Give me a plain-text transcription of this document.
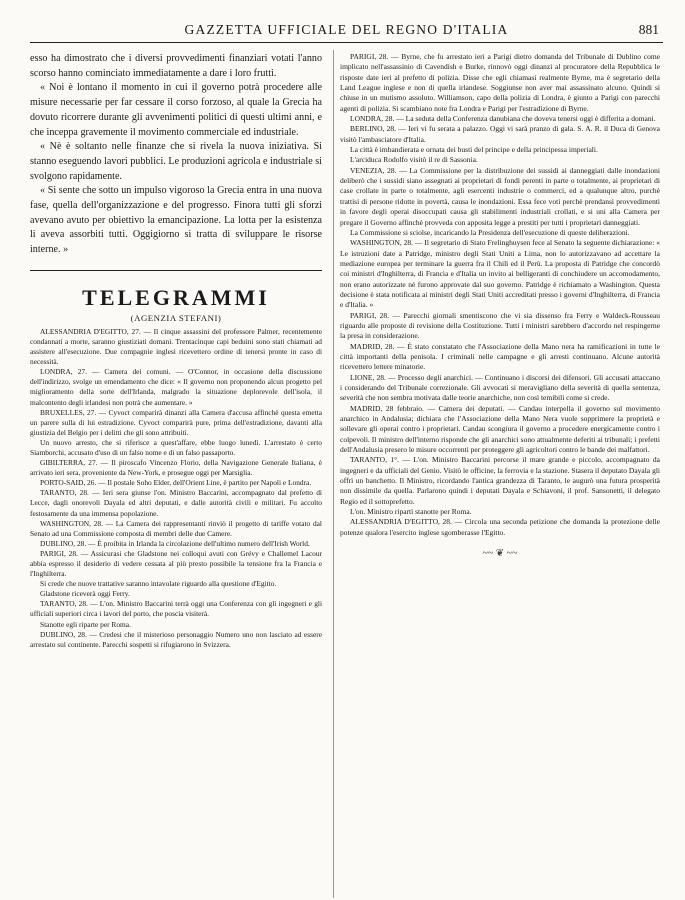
GAZZETTA UFFICIALE DEL REGNO D'ITALIA	881

esso ha dimostrato che i diversi provvedimenti finanziari votati l'anno scorso hanno cominciato immediatamente a dare i loro frutti.

« Noi è lontano il momento in cui il governo potrà procedere alle misure necessarie per far cessare il corso forzoso, al quale la Grecia ha dovuto ricorrere durante gli avvenimenti politici di questi ultimi anni, e che inceppa gravemente il movimento commerciale ed industriale.

« Nè è soltanto nelle finanze che si rivela la nuova iniziativa. Si stanno eseguendo lavori pubblici. Le produzioni agricola e industriale si svolgono rapidamente.

« Si sente che sotto un impulso vigoroso la Grecia entra in una nuova fase, quella dell'organizzazione e del progresso. Finora tutti gli sforzi avevano avuto per obiettivo la emancipazione. La lotta per la esistenza li aveva assorbiti tutti. Oggigiorno si tratta di sviluppare le risorse interne. »

TELEGRAMMI
(AGENZIA STEFANI)

ALESSANDRIA D'EGITTO, 27. — Il cinque assassini del professore Palmer, recentemente condannati a morte, saranno giustiziati domani. Trentacinque capi beduini sono stati chiamati ad assistere all'esecuzione. Due compagnie inglesi ricevettero ordine di tenersi pronte in caso di necessità.

LONDRA, 27. — Camera dei comuni. — O'Connor, in occasione della discussione dell'indirizzo, svolge un emendamento che dice: « Il governo non proponendo alcun progetto pel miglioramento della sorte dell'Irlanda, malgrado la situazione deplorevole dell'isola, il malcontento degli irlandesi non potrà che aumentare. »

BRUXELLES, 27. — Cyvoct comparirà dinanzi alla Camera d'accusa affinchè questa emetta un parere sulla di lui estradizione. Cyvoct comparirà pure, prima dell'estradizione, davanti alla giustizia del Belgio per i delitti che gli sono attribuiti.

Un nuovo arresto, che si riferisce a quest'affare, ebbe luogo lunedì. L'arrestato è certo Siamborchi, accusato d'uso di un falso nome e di un falso passaporto.

GIBILTERRA, 27. — Il piroscafo Vincenzo Florio, della Navigazione Generale Italiana, è arrivato ieri sera, proveniente da New-York, e prosegue oggi per Marsiglia.

PORTO-SAID, 26. — Il postale Soho Elder, dell'Orient Line, è partito per Napoli e Londra.

TARANTO, 28. — Ieri sera giunse l'on. Ministro Baccarini, accompagnato dal prefetto di Lecce, dagli onorevoli Dayala ed altri deputati, e dalle autorità civili e militari. Fu accolto festosamente da una immensa popolazione.

WASHINGTON, 28. — La Camera dei rappresentanti rinviò il progetto di tariffe votato dal Senato ad una Commissione composta di membri delle due Camere.

DUBLINO, 28. — È proibita in Irlanda la circolazione dell'ultimo numero dell'Irish World.

PARIGI, 28. — Assicurasi che Gladstone nei colloqui avuti con Grévy e Challemel Lacour abbia espresso il desiderio di vedere cessata al più presto possibile la tensione fra la Francia e l'Inghilterra.

Si crede che nuove trattative saranno intavolate riguardo alla questione d'Egitto.

Gladstone riceverà oggi Ferry.

TARANTO, 28. — L'on. Ministro Baccarini terrà oggi una Conferenza con gli ingegneri e gli ufficiali superiori circa i lavori del porto, che poscia visiterà.

Stanotte egli riparte per Roma.

DUBLINO, 28. — Credesi che il misterioso personaggio Numero uno non lasciato ad essere arrestato sul continente. Parecchi sospetti si rifugiarono in Svizzera.

PARIGI, 28. — Byrne, che fu arrestato ieri a Parigi dietro domanda del Tribunale di Dublino come implicato nell'assassinio di Cavendish e Burke, rinnovò oggi dinanzi al procuratore della Repubblica le risposte date ieri al prefetto di polizia. Disse che egli chiamasi realmente Byrne, ma è segretario della Land League inglese e non di quella irlandese. Soggiunse non aver mai assassinato alcuno. Quindi si chiuse in un mutismo assoluto. Williamson, capo della polizia di Londra, è giunto a Parigi con parecchi agenti di polizia. Si scambiano note fra Londra e Parigi per l'estradizione di Byrne.

LONDRA, 28. — La seduta della Conferenza danubiana che doveva tenersi oggi è differita a domani.

BERLINO, 28. — Ieri vi fu serata a palazzo. Oggi vi sarà pranzo di gala. S. A. R. il Duca di Genova visitò l'ambasciatore d'Italia.

La città è imbandierata e ornata dei busti del principe e della principessa imperiali.

L'arciduca Rodolfo visitò il re di Sassonia.

VENEZIA, 28. — La Commissione per la distribuzione dei sussidi ai danneggiati dalle inondazioni deliberò che i sussidi siano assegnati ai proprietari di fondi perenti in parte o totalmente, ai proprietari di case crollate in parte o totalmente, agli esercenti industrie o commerci, ed a qualunque altro, purchè trattisi di persone ridotte in povertà, causa le inondazioni. Essa fece voti perchè prendansi provvedimenti in favore degli operai disoccupati causa gli stabilimenti industriali crollati, e si uni alla Camera per pregare il Governo affinchè provveda con apposita legge a prestiti per tutti i proprietari danneggiati.

La Commissione si sciolse, incaricando la Presidenza dell'esecuzione di queste deliberazioni.

WASHINGTON, 28. — Il segretario di Stato Frelinghuysen fece al Senato la seguente dichiarazione: « Le istruzioni date a Patridge, ministro degli Stati Uniti a Lima, non lo autorizzavano ad accettare la mediazione europea per terminare la guerra fra il Chilì ed il Perù. La proposta di Patridge che concordò coi ministri d'Inghilterra, di Francia e d'Italia un invito ai belligeranti di conchiudere un accomodamento, non erano autorizzate nè furono approvate dal suo governo. Patridge è richiamato a Washington. Questa decisione è stata notificata ai ministri degli Stati Uniti accreditati presso i governi d'Inghilterra, di Francia e d'Italia. »

PARIGI, 28. — Parecchi giornali smentiscono che vi sia dissenso fra Ferry e Waldeck-Rousseau riguardo alle proposte di revisione della Costituzione. Tutti i ministri sarebbero d'accordo nel respingerne la presa in considerazione.

MADRID, 28. — È stato constatato che l'Associazione della Mano nera ha ramificazioni in tutte le città importanti della penisola. I criminali nelle campagne e gli arresti continuano. Alcune autorità ricevettero lettere minatorie.

LIONE, 28. — Processo degli anarchici. — Continuano i discorsi dei difensori. Gli accusati attaccano i considerando del Tribunale correzionale. Gli avvocati si meravigliano della severità di quella sentenza, severità che non sembra motivata dalle teorie anarchiche, non così temibili come si crede.

MADRID, 28 febbraio. — Camera dei deputati. — Candau interpella il governo sul movimento anarchico in Andalusia; dichiara che l'Associazione della Mano Nera vuole sopprimere la proprietà e sollevare gli operai contro i proprietari. Candau scongiura il governo a procedere energicamente contro i colpevoli. Il ministro dell'interno risponde che gli anarchici sono attualmente deferiti ai tribunali; i prefetti dell'Andalusia presero le misure occorrenti per proteggere gli agricoltori contro le bande dei malfattori.

TARANTO, 1°. — L'on. Ministro Baccarini percorse il mare grande e piccolo, accompagnato da ingegneri e da ufficiali del Genio. Visitò le officine, la ferrovia e la stazione. Stasera il deputato Dayala gli offrì un banchetto. Il Ministro, ricordando l'antica grandezza di Taranto, le augurò una futura prosperità non dissimile da quella. Parlarono quindi i deputati Dayala e Schiavoni, il prof. Sansonetti, il delegato Regio ed il sottoprefetto.

L'on. Ministro ripartì stanotte per Roma.

ALESSANDRIA D'EGITTO, 28. — Circola una seconda petizione che domanda la protezione delle potenze qualora l'esercito inglese sgomberasse l'Egitto.

~~ ❦ ~~
